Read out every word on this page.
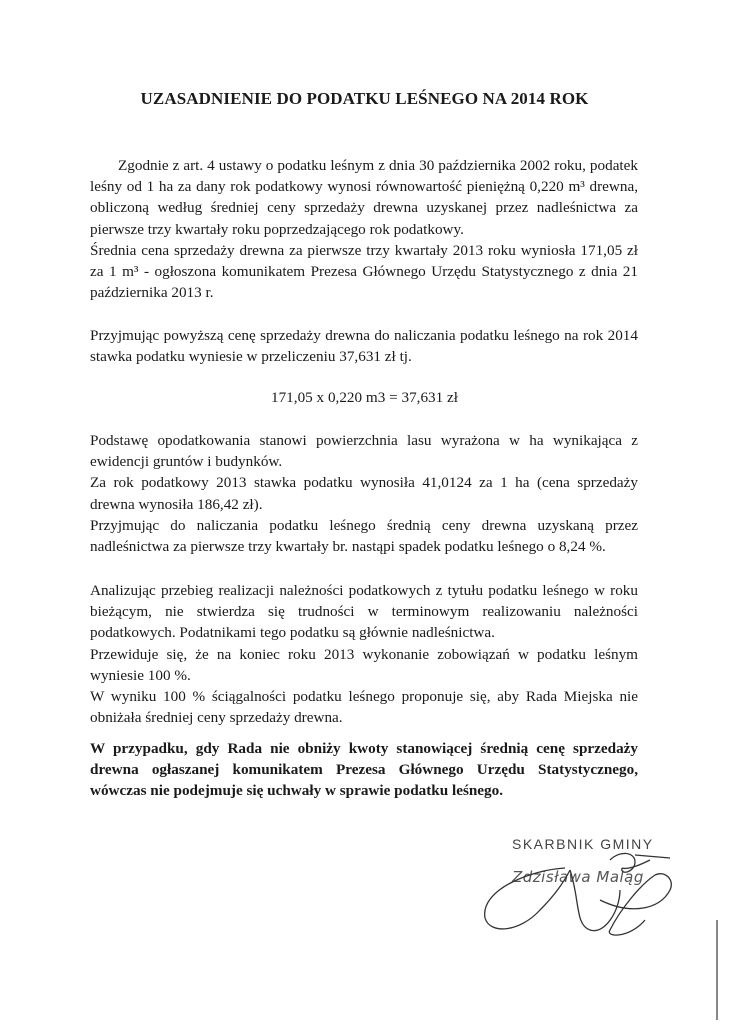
UZASADNIENIE DO PODATKU LEŚNEGO NA 2014 ROK

Zgodnie z art. 4 ustawy o podatku leśnym z dnia 30 października 2002 roku, podatek leśny od 1 ha za dany rok podatkowy wynosi równowartość pieniężną 0,220 m³ drewna, obliczoną według średniej ceny sprzedaży drewna uzyskanej przez nadleśnictwa za pierwsze trzy kwartały roku poprzedzającego rok podatkowy.

Średnia cena sprzedaży drewna za pierwsze trzy kwartały 2013 roku wyniosła 171,05 zł za 1 m³ - ogłoszona komunikatem Prezesa Głównego Urzędu Statystycznego z dnia 21 października 2013 r.

Przyjmując powyższą cenę sprzedaży drewna do naliczania podatku leśnego na rok 2014 stawka podatku wyniesie w przeliczeniu 37,631 zł tj.

171,05 x 0,220 m3 = 37,631 zł

Podstawę opodatkowania stanowi powierzchnia lasu wyrażona w ha wynikająca z ewidencji gruntów i budynków.

Za rok podatkowy 2013 stawka podatku wynosiła 41,0124 za 1 ha (cena sprzedaży drewna wynosiła 186,42 zł).

Przyjmując do naliczania podatku leśnego średnią ceny drewna uzyskaną przez nadleśnictwa za pierwsze trzy kwartały br. nastąpi spadek podatku leśnego o 8,24 %.

Analizując przebieg realizacji należności podatkowych z tytułu podatku leśnego w roku bieżącym, nie stwierdza się trudności w terminowym realizowaniu należności podatkowych. Podatnikami tego podatku są głównie nadleśnictwa.

Przewiduje się, że na koniec roku 2013 wykonanie zobowiązań w podatku leśnym wyniesie 100 %.

W wyniku 100 % ściągalności podatku leśnego proponuje się, aby Rada Miejska nie obniżała średniej ceny sprzedaży drewna.

W przypadku, gdy Rada nie obniży kwoty stanowiącej średnią cenę sprzedaży drewna ogłaszanej komunikatem Prezesa Głównego Urzędu Statystycznego, wówczas nie podejmuje się uchwały w sprawie podatku leśnego.

SKARBNIK GMINY
Zdzisława Maląg
